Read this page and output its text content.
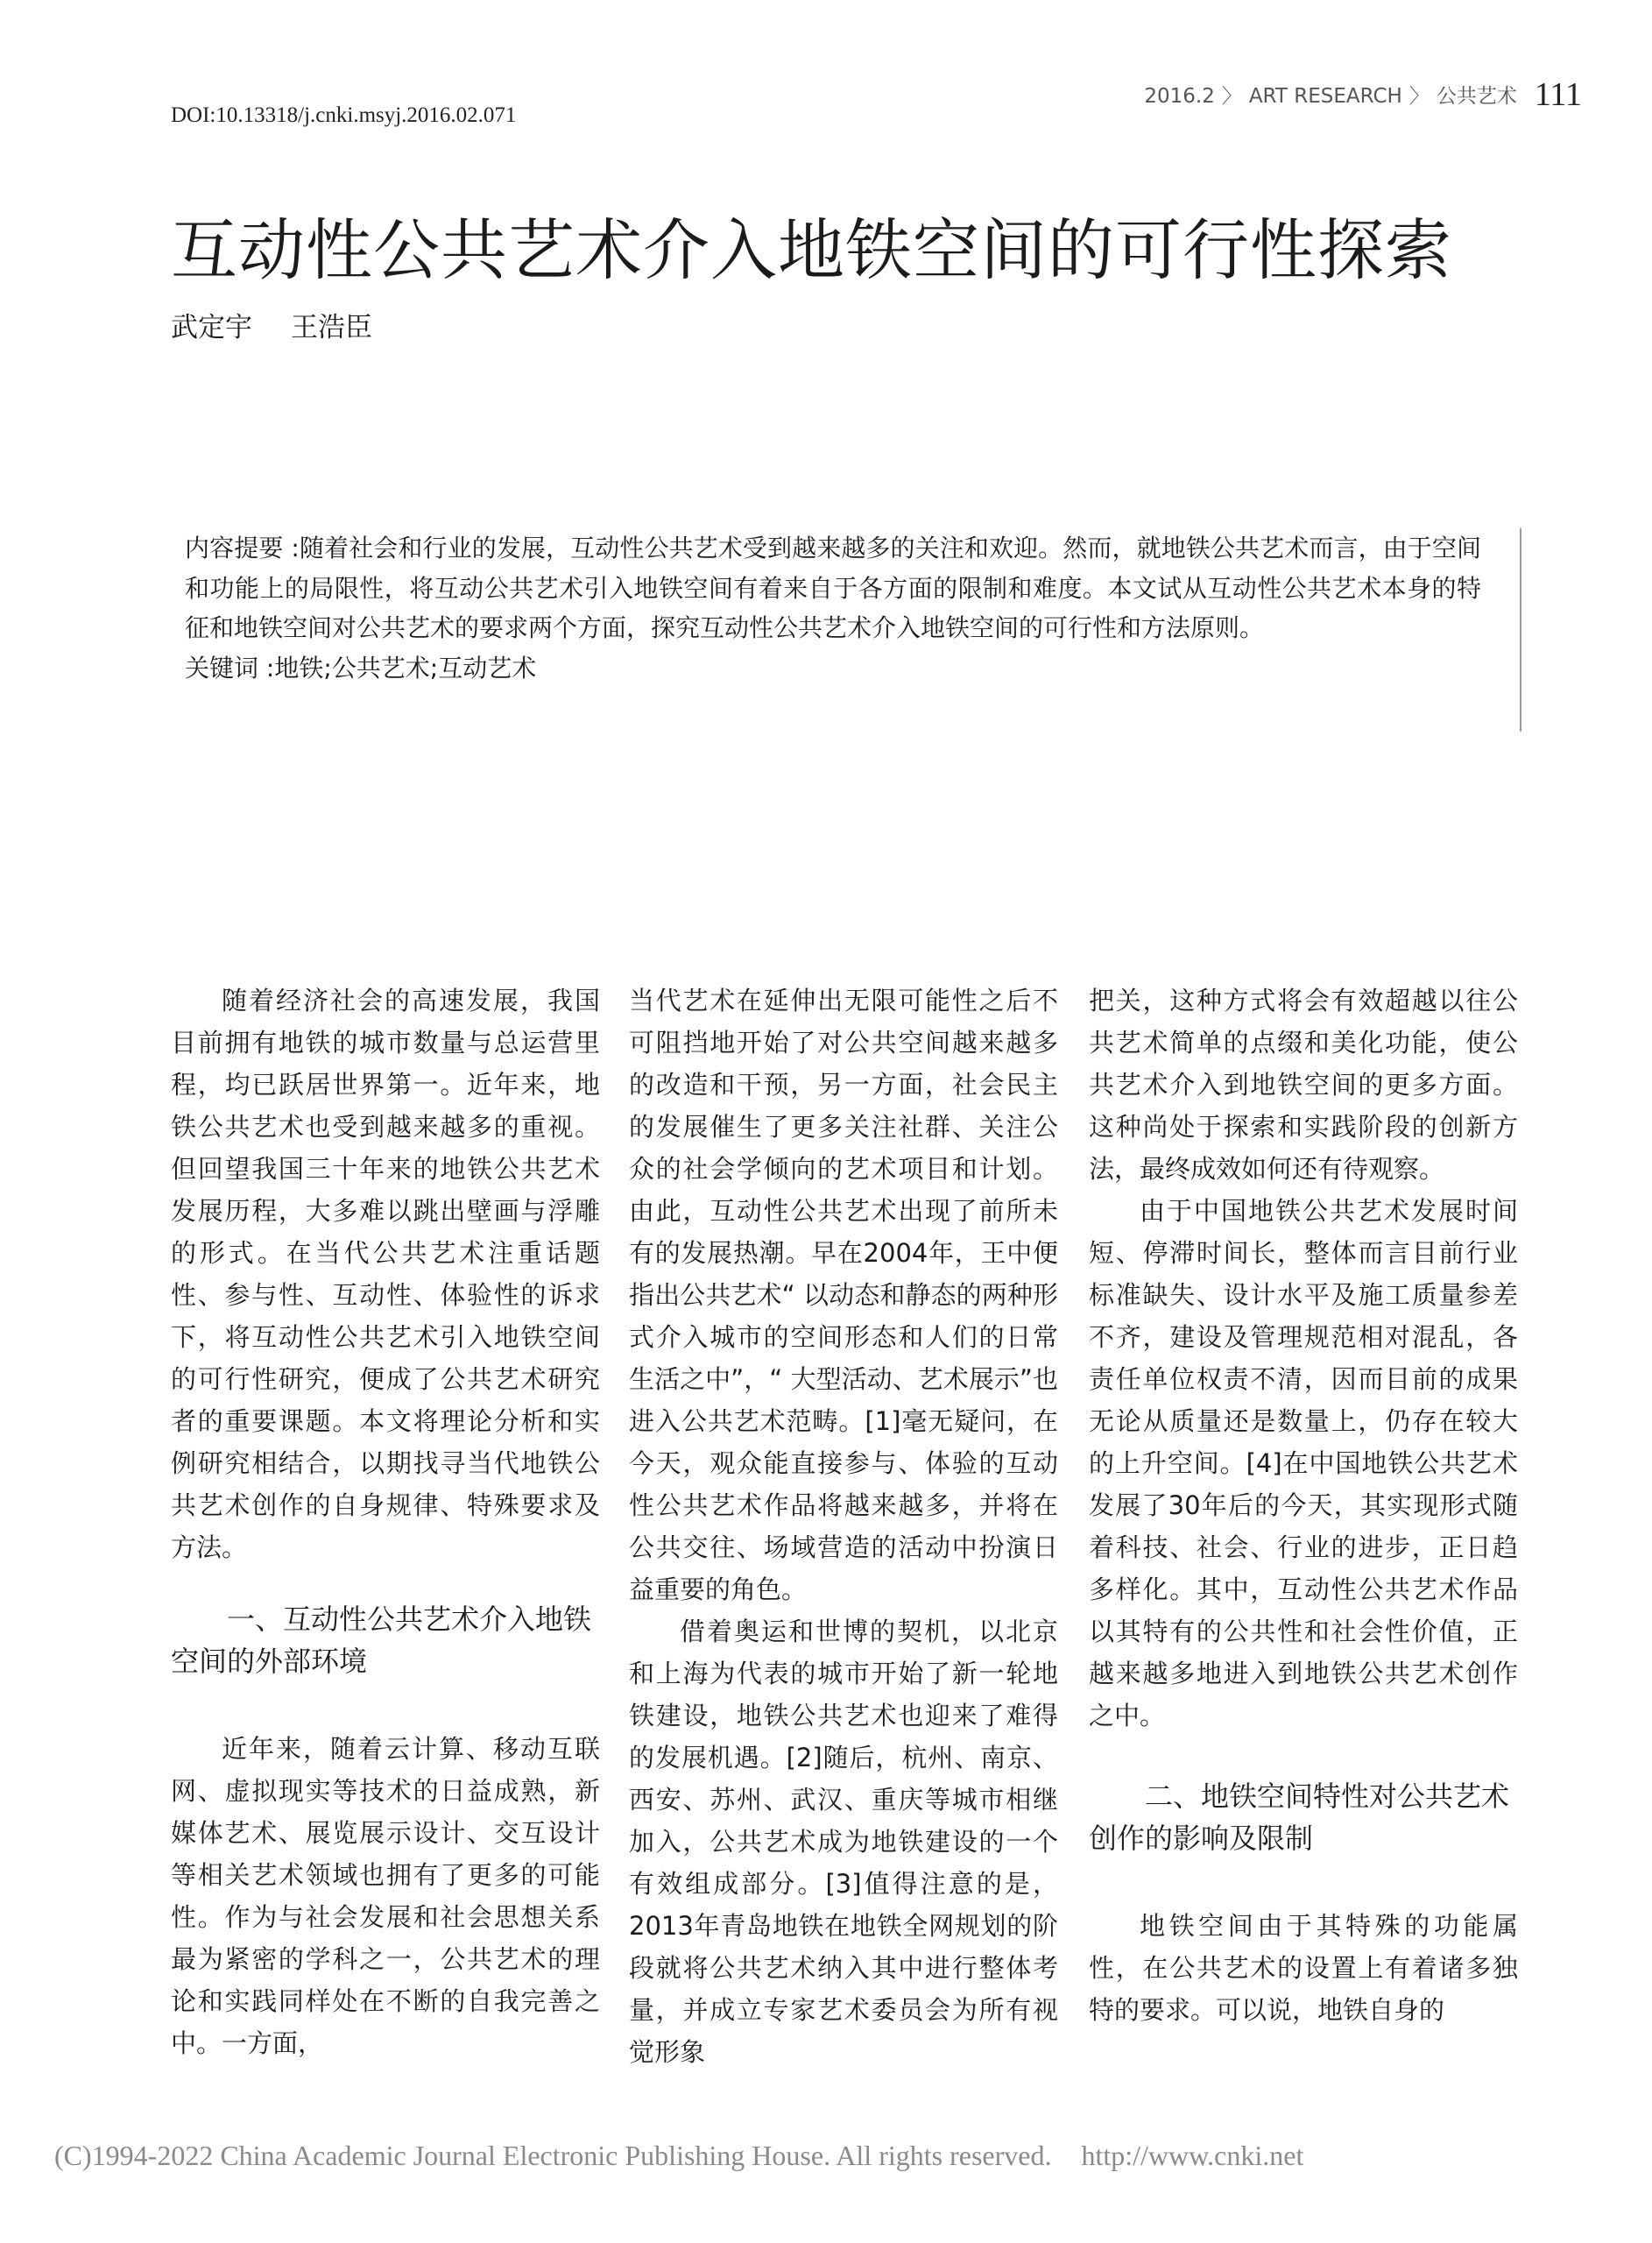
DOI:10.13318/j.cnki.msyj.2016.02.071
2016.2 〉 ART RESEARCH 〉 公共艺术 111
互动性公共艺术介入地铁空间的可行性探索
武定宇 王浩臣

内容提要 :随着社会和行业的发展，互动性公共艺术受到越来越多的关注和欢迎。然而，就地铁公共艺术而言，由于空间和功能上的局限性，将互动公共艺术引入地铁空间有着来自于各方面的限制和难度。本文试从互动性公共艺术本身的特征和地铁空间对公共艺术的要求两个方面，探究互动性公共艺术介入地铁空间的可行性和方法原则。

关键词 :地铁;公共艺术;互动艺术

随着经济社会的高速发展，我国目前拥有地铁的城市数量与总运营里程，均已跃居世界第一。近年来，地铁公共艺术也受到越来越多的重视。但回望我国三十年来的地铁公共艺术发展历程，大多难以跳出壁画与浮雕的形式。在当代公共艺术注重话题性、参与性、互动性、体验性的诉求下，将互动性公共艺术引入地铁空间的可行性研究，便成了公共艺术研究者的重要课题。本文将理论分析和实例研究相结合，以期找寻当代地铁公共艺术创作的自身规律、特殊要求及方法。

一、互动性公共艺术介入地铁空间的外部环境

近年来，随着云计算、移动互联网、虚拟现实等技术的日益成熟，新媒体艺术、展览展示设计、交互设计等相关艺术领域也拥有了更多的可能性。作为与社会发展和社会思想关系最为紧密的学科之一，公共艺术的理论和实践同样处在不断的自我完善之中。一方面，

当代艺术在延伸出无限可能性之后不可阻挡地开始了对公共空间越来越多的改造和干预，另一方面，社会民主的发展催生了更多关注社群、关注公众的社会学倾向的艺术项目和计划。由此，互动性公共艺术出现了前所未有的发展热潮。早在2004年，王中便指出公共艺术“ 以动态和静态的两种形式介入城市的空间形态和人们的日常生活之中”，“ 大型活动、艺术展示”也进入公共艺术范畴。[1]毫无疑问，在今天，观众能直接参与、体验的互动性公共艺术作品将越来越多，并将在公共交往、场域营造的活动中扮演日益重要的角色。

借着奥运和世博的契机，以北京和上海为代表的城市开始了新一轮地铁建设，地铁公共艺术也迎来了难得的发展机遇。[2]随后，杭州、南京、西安、苏州、武汉、重庆等城市相继加入，公共艺术成为地铁建设的一个有效组成部分。[3]值得注意的是，2013年青岛地铁在地铁全网规划的阶段就将公共艺术纳入其中进行整体考量，并成立专家艺术委员会为所有视觉形象

把关，这种方式将会有效超越以往公共艺术简单的点缀和美化功能，使公共艺术介入到地铁空间的更多方面。这种尚处于探索和实践阶段的创新方法，最终成效如何还有待观察。

由于中国地铁公共艺术发展时间短、停滞时间长，整体而言目前行业标准缺失、设计水平及施工质量参差不齐，建设及管理规范相对混乱，各责任单位权责不清，因而目前的成果无论从质量还是数量上，仍存在较大的上升空间。[4]在中国地铁公共艺术发展了30年后的今天，其实现形式随着科技、社会、行业的进步，正日趋多样化。其中，互动性公共艺术作品以其特有的公共性和社会性价值，正越来越多地进入到地铁公共艺术创作之中。

二、地铁空间特性对公共艺术创作的影响及限制

地铁空间由于其特殊的功能属性，在公共艺术的设置上有着诸多独特的要求。可以说，地铁自身的

(C)1994-2022 China Academic Journal Electronic Publishing House. All rights reserved. http://www.cnki.net
